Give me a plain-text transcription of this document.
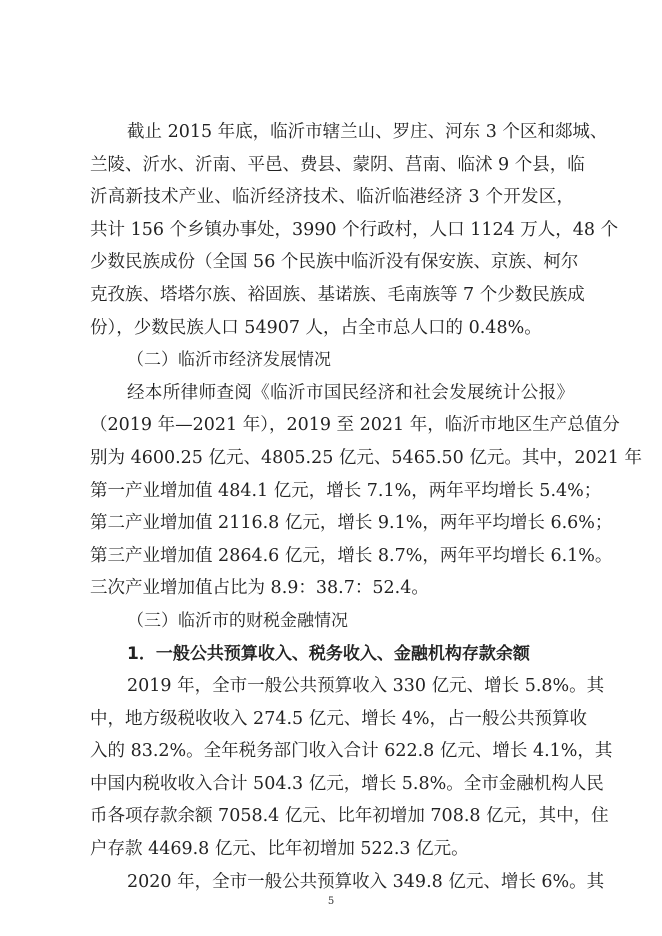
截止 2015 年底，临沂市辖兰山、罗庄、河东 3 个区和郯城、
兰陵、沂水、沂南、平邑、费县、蒙阴、莒南、临沭 9 个县，临
沂高新技术产业、临沂经济技术、临沂临港经济 3 个开发区，
共计 156 个乡镇办事处，3990 个行政村，人口 1124 万人，48 个
少数民族成份（全国 56 个民族中临沂没有保安族、京族、柯尔
克孜族、塔塔尔族、裕固族、基诺族、毛南族等 7 个少数民族成
份），少数民族人口 54907 人，占全市总人口的 0.48%。
（二）临沂市经济发展情况
经本所律师查阅《临沂市国民经济和社会发展统计公报》
（2019 年—2021 年），2019 至 2021 年，临沂市地区生产总值分
别为 4600.25 亿元、4805.25 亿元、5465.50 亿元。其中，2021 年
第一产业增加值 484.1 亿元，增长 7.1%，两年平均增长 5.4%；
第二产业增加值 2116.8 亿元，增长 9.1%，两年平均增长 6.6%；
第三产业增加值 2864.6 亿元，增长 8.7%，两年平均增长 6.1%。
三次产业增加值占比为 8.9：38.7：52.4。
（三）临沂市的财税金融情况
1．一般公共预算收入、税务收入、金融机构存款余额
2019 年，全市一般公共预算收入 330 亿元、增长 5.8%。其
中，地方级税收收入 274.5 亿元、增长 4%，占一般公共预算收
入的 83.2%。全年税务部门收入合计 622.8 亿元、增长 4.1%，其
中国内税收收入合计 504.3 亿元，增长 5.8%。全市金融机构人民
币各项存款余额 7058.4 亿元、比年初增加 708.8 亿元，其中，住
户存款 4469.8 亿元、比年初增加 522.3 亿元。
2020 年，全市一般公共预算收入 349.8 亿元、增长 6%。其
5
